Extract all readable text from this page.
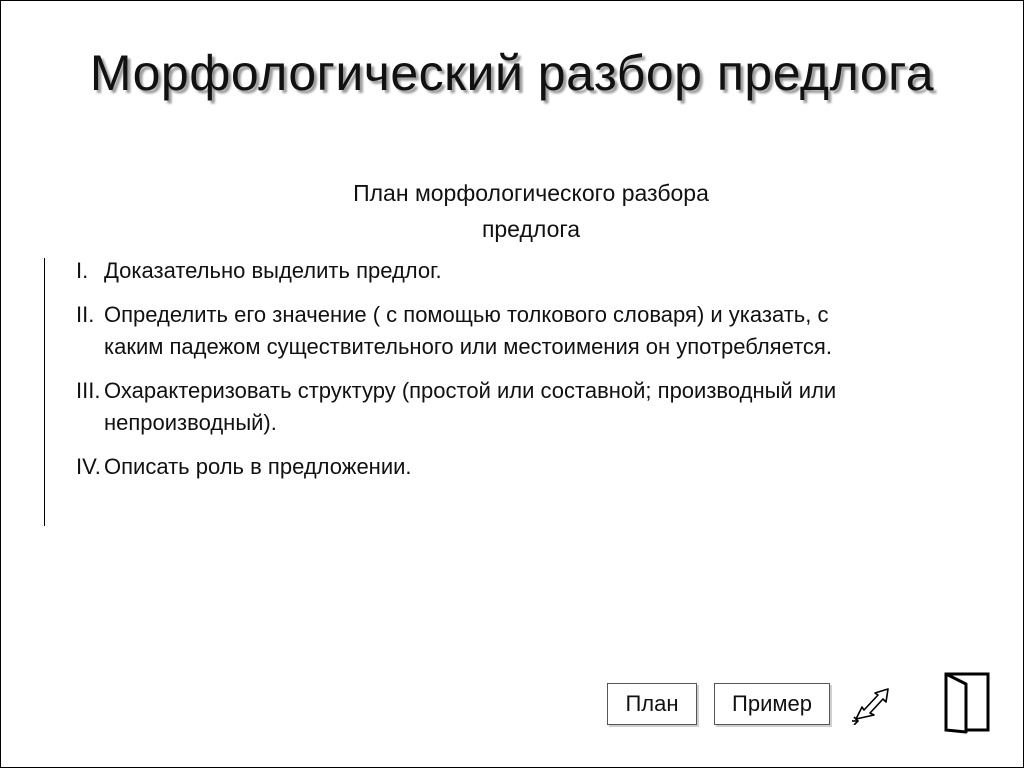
Морфологический разбор предлога
План морфологического разбора
предлога
I. Доказательно выделить предлог.
II. Определить его значение ( с помощью толкового словаря) и указать, с каким падежом существительного или местоимения он употребляется.
III. Охарактеризовать структуру (простой или составной; производный или непроизводный).
IV. Описать роль в предложении.
План	Пример
